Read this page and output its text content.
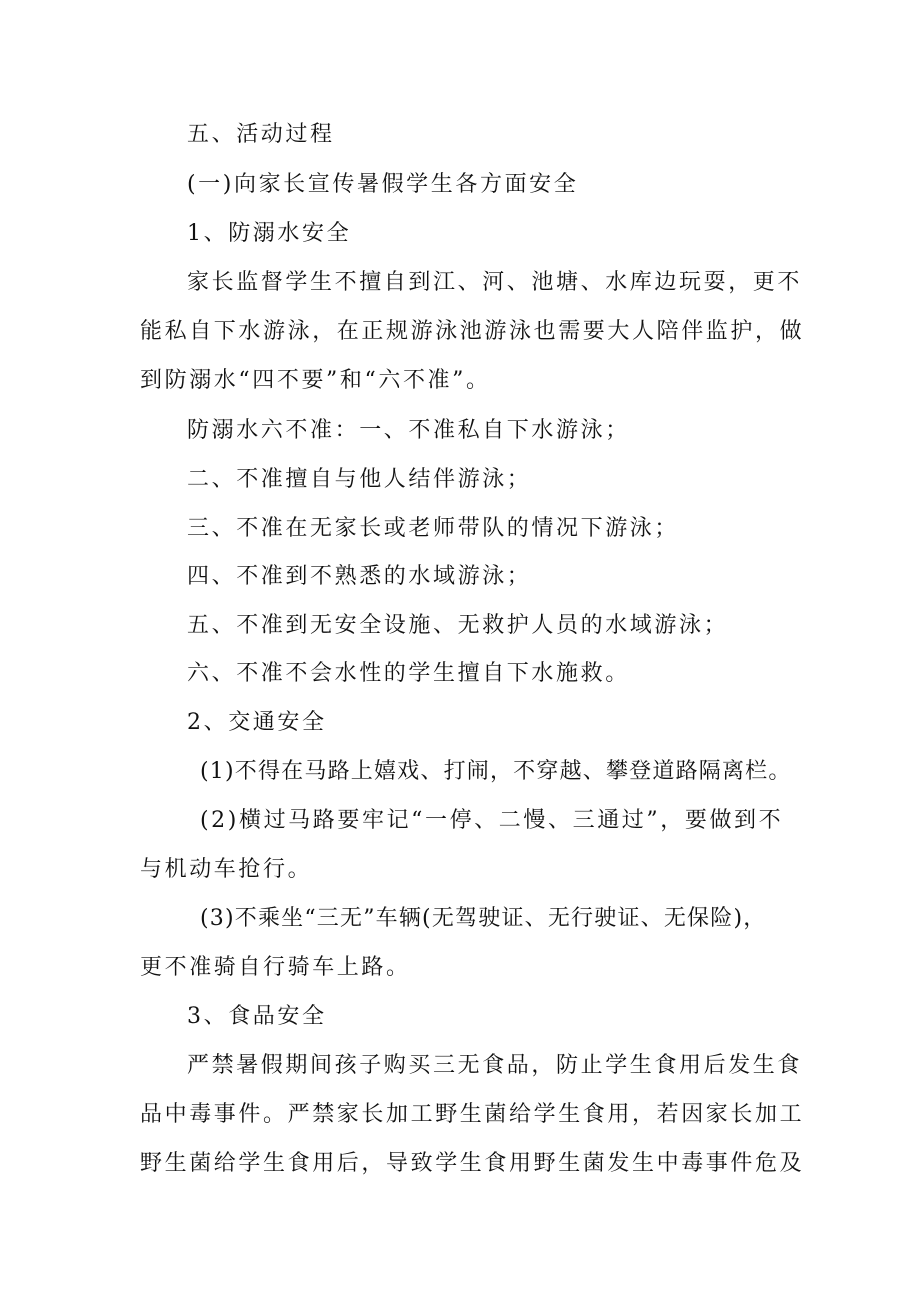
五、活动过程
(一)向家长宣传暑假学生各方面安全
1、防溺水安全
家长监督学生不擅自到江、河、池塘、水库边玩耍，更不
能私自下水游泳，在正规游泳池游泳也需要大人陪伴监护，做
到防溺水“四不要”和“六不准”。
防溺水六不准：一、不准私自下水游泳；
二、不准擅自与他人结伴游泳；
三、不准在无家长或老师带队的情况下游泳；
四、不准到不熟悉的水域游泳；
五、不准到无安全设施、无救护人员的水域游泳；
六、不准不会水性的学生擅自下水施救。
2、交通安全
(1)不得在马路上嬉戏、打闹，不穿越、攀登道路隔离栏。
(2)横过马路要牢记“一停、二慢、三通过”，要做到不
与机动车抢行。
(3)不乘坐“三无”车辆(无驾驶证、无行驶证、无保险)，
更不准骑自行骑车上路。
3、食品安全
严禁暑假期间孩子购买三无食品，防止学生食用后发生食
品中毒事件。严禁家长加工野生菌给学生食用，若因家长加工
野生菌给学生食用后，导致学生食用野生菌发生中毒事件危及
